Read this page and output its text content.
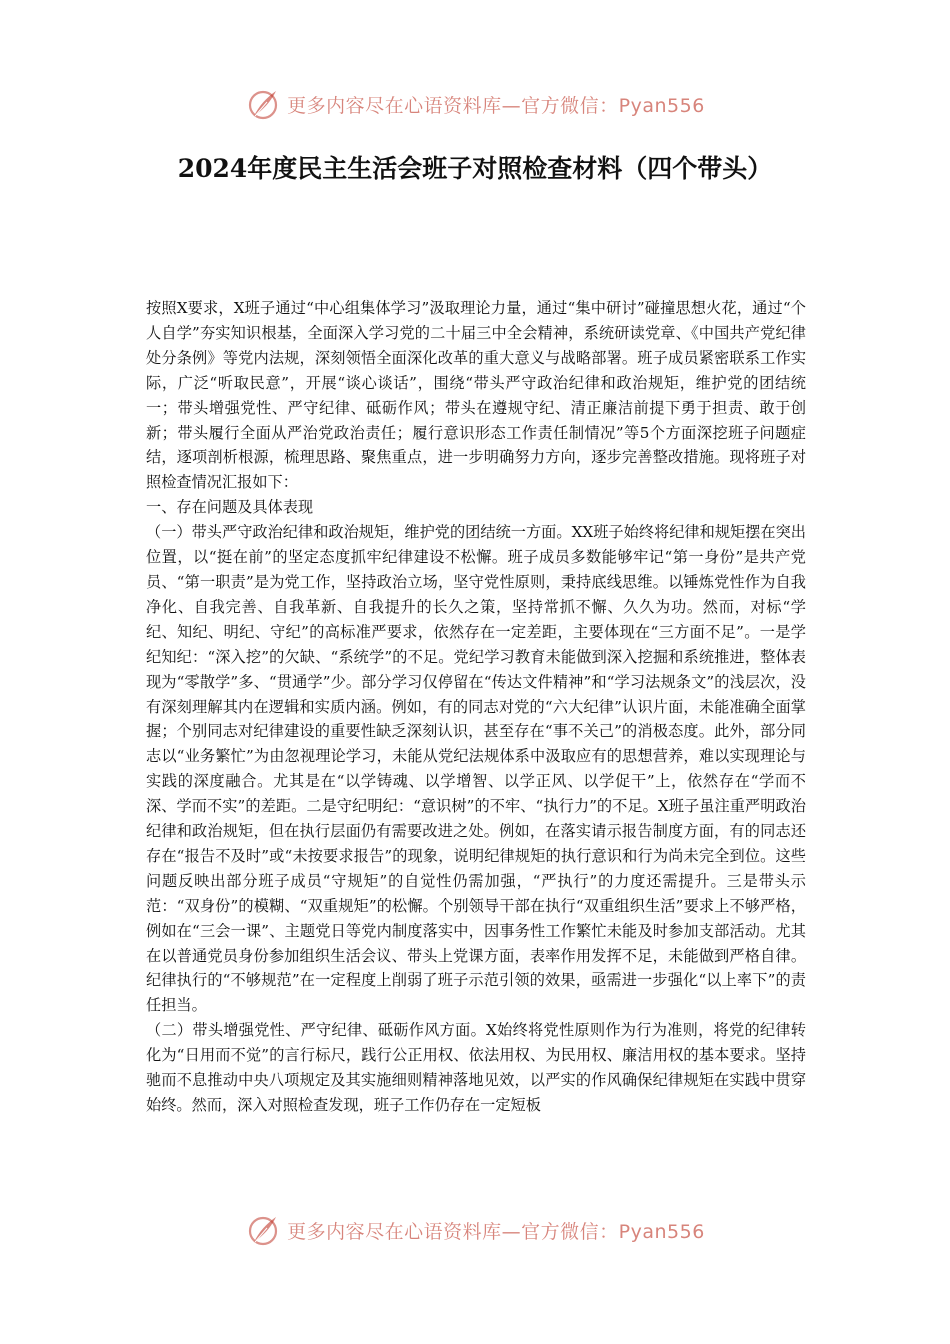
更多内容尽在心语资料库—官方微信：Pyan556
2024年度民主生活会班子对照检查材料（四个带头）

按照X要求，X班子通过“中心组集体学习”汲取理论力量，通过“集中研讨”碰撞思想火花，通过“个人自学”夯实知识根基，全面深入学习党的二十届三中全会精神，系统研读党章、《中国共产党纪律处分条例》等党内法规，深刻领悟全面深化改革的重大意义与战略部署。班子成员紧密联系工作实际，广泛“听取民意”，开展“谈心谈话”，围绕“带头严守政治纪律和政治规矩，维护党的团结统一；带头增强党性、严守纪律、砥砺作风；带头在遵规守纪、清正廉洁前提下勇于担责、敢于创新；带头履行全面从严治党政治责任；履行意识形态工作责任制情况”等5个方面深挖班子问题症结，逐项剖析根源，梳理思路、聚焦重点，进一步明确努力方向，逐步完善整改措施。现将班子对照检查情况汇报如下：

一、存在问题及具体表现

（一）带头严守政治纪律和政治规矩，维护党的团结统一方面。XX班子始终将纪律和规矩摆在突出位置，以“挺在前”的坚定态度抓牢纪律建设不松懈。班子成员多数能够牢记“第一身份”是共产党员、“第一职责”是为党工作，坚持政治立场，坚守党性原则，秉持底线思维。以锤炼党性作为自我净化、自我完善、自我革新、自我提升的长久之策，坚持常抓不懈、久久为功。然而，对标“学纪、知纪、明纪、守纪”的高标准严要求，依然存在一定差距，主要体现在“三方面不足”。一是学纪知纪：“深入挖”的欠缺、“系统学”的不足。党纪学习教育未能做到深入挖掘和系统推进，整体表现为“零散学”多、“贯通学”少。部分学习仅停留在“传达文件精神”和“学习法规条文”的浅层次，没有深刻理解其内在逻辑和实质内涵。例如，有的同志对党的“六大纪律”认识片面，未能准确全面掌握；个别同志对纪律建设的重要性缺乏深刻认识，甚至存在“事不关己”的消极态度。此外，部分同志以“业务繁忙”为由忽视理论学习，未能从党纪法规体系中汲取应有的思想营养，难以实现理论与实践的深度融合。尤其是在“以学铸魂、以学增智、以学正风、以学促干”上，依然存在“学而不深、学而不实”的差距。二是守纪明纪：“意识树”的不牢、“执行力”的不足。X班子虽注重严明政治纪律和政治规矩，但在执行层面仍有需要改进之处。例如，在落实请示报告制度方面，有的同志还存在“报告不及时”或“未按要求报告”的现象，说明纪律规矩的执行意识和行为尚未完全到位。这些问题反映出部分班子成员“守规矩”的自觉性仍需加强，“严执行”的力度还需提升。三是带头示范：“双身份”的模糊、“双重规矩”的松懈。个别领导干部在执行“双重组织生活”要求上不够严格，例如在“三会一课”、主题党日等党内制度落实中，因事务性工作繁忙未能及时参加支部活动。尤其在以普通党员身份参加组织生活会议、带头上党课方面，表率作用发挥不足，未能做到严格自律。纪律执行的“不够规范”在一定程度上削弱了班子示范引领的效果，亟需进一步强化“以上率下”的责任担当。

（二）带头增强党性、严守纪律、砥砺作风方面。X始终将党性原则作为行为准则，将党的纪律转化为“日用而不觉”的言行标尺，践行公正用权、依法用权、为民用权、廉洁用权的基本要求。坚持驰而不息推动中央八项规定及其实施细则精神落地见效，以严实的作风确保纪律规矩在实践中贯穿始终。然而，深入对照检查发现，班子工作仍存在一定短板

更多内容尽在心语资料库—官方微信：Pyan556
